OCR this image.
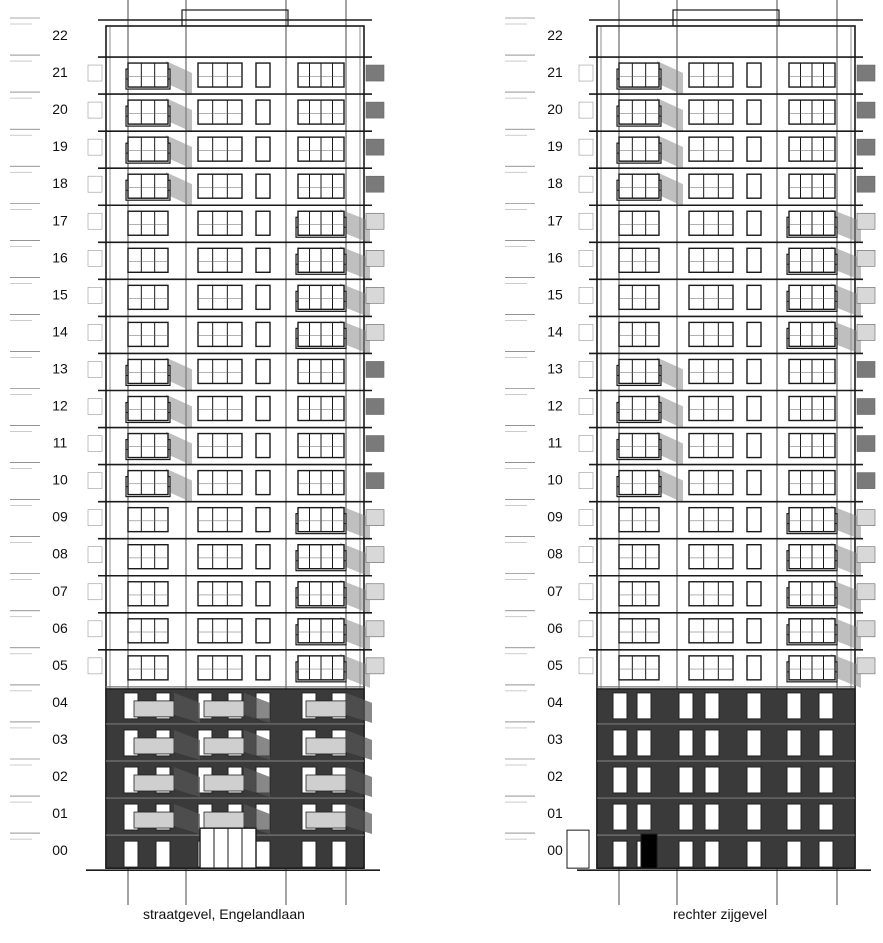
22
21
20
19
18
17
16
15
14
13
12
11
10
09
08
07
06
05
04
03
02
01
00
22
21
20
19
18
17
16
15
14
13
12
11
10
09
08
07
06
05
04
03
02
01
00
straatgevel, Engelandlaan	rechter zijgevel
